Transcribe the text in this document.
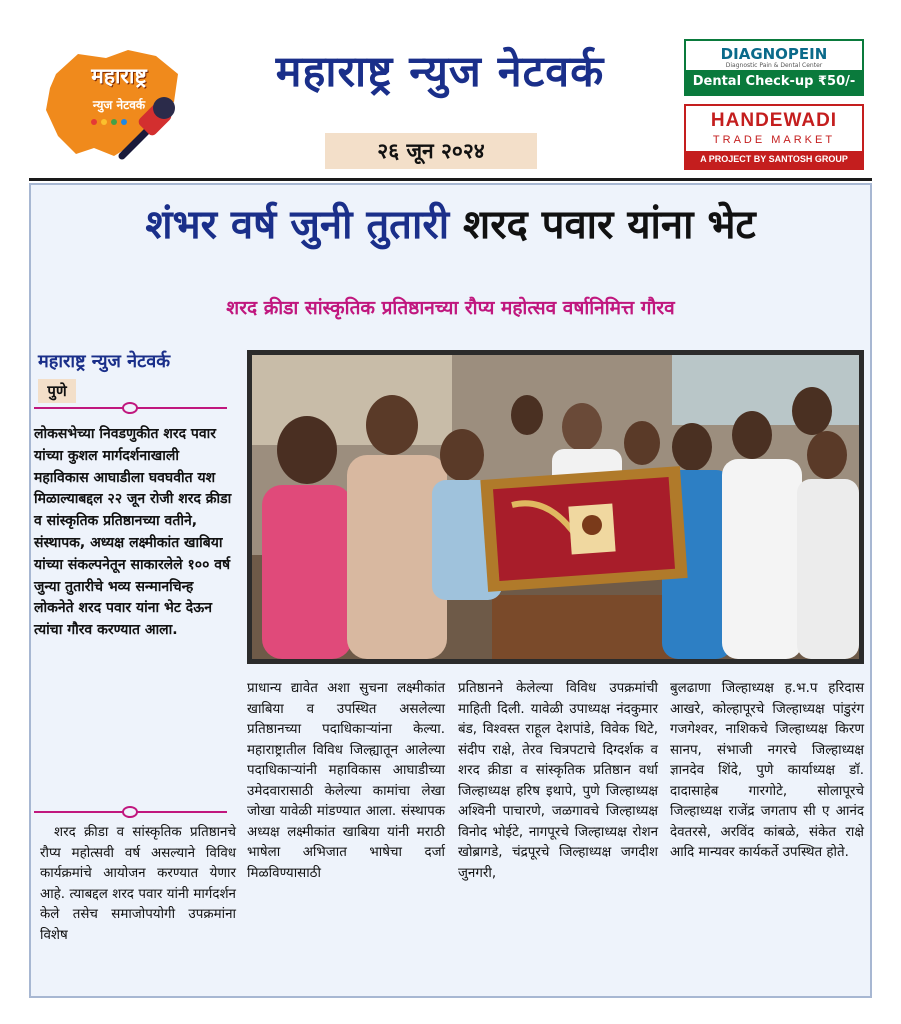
महाराष्ट्र
न्युज नेटवर्क
महाराष्ट्र न्युज नेटवर्क
२६ जून २०२४
DIAGNOPEIN
Diagnostic Pain & Dental Center
Dental Check-up ₹50/-
HANDEWADI
TRADE MARKET
A PROJECT BY SANTOSH GROUP
शंभर वर्ष जुनी तुतारी शरद पवार यांना भेट
शरद क्रीडा सांस्कृतिक प्रतिष्ठानच्या रौप्य महोत्सव वर्षानिमित्त गौरव
महाराष्ट्र न्युज नेटवर्क
पुणे
लोकसभेच्या निवडणुकीत शरद पवार यांच्या कुशल मार्गदर्शनाखाली महाविकास आघाडीला घवघवीत यश मिळाल्याबद्दल २२ जून रोजी शरद क्रीडा व सांस्कृतिक प्रतिष्ठानच्या वतीने, संस्थापक, अध्यक्ष लक्ष्मीकांत खाबिया यांच्या संकल्पनेतून साकारलेले १०० वर्ष जुन्या तुतारीचे भव्य सन्मानचिन्ह लोकनेते शरद पवार यांना भेट देऊन त्यांचा गौरव करण्यात आला.
शरद क्रीडा व सांस्कृतिक प्रतिष्ठानचे रौप्य महोत्सवी वर्ष असल्याने विविध कार्यक्रमांचे आयोजन करण्यात येणार आहे. त्याबद्दल शरद पवार यांनी मार्गदर्शन केले तसेच समाजोपयोगी उपक्रमांना विशेष
प्राधान्य द्यावेत अशा सुचना लक्ष्मीकांत खाबिया व उपस्थित असलेल्या प्रतिष्ठानच्या पदाधिकाऱ्यांना केल्या. महाराष्ट्रातील विविध जिल्ह्यातून आलेल्या पदाधिकाऱ्यांनी महाविकास आघाडीच्या उमेदवारासाठी केलेल्या कामांचा लेखा जोखा यावेळी मांडण्यात आला. संस्थापक अध्यक्ष लक्ष्मीकांत खाबिया यांनी मराठी भाषेला अभिजात भाषेचा दर्जा मिळविण्यासाठी
प्रतिष्ठानने केलेल्या विविध उपक्रमांची माहिती दिली. यावेळी उपाध्यक्ष नंदकुमार बंड, विश्वस्त राहूल देशपांडे, विवेक थिटे, संदीप राक्षे, तेरव चित्रपटाचे दिग्दर्शक व शरद क्रीडा व सांस्कृतिक प्रतिष्ठान वर्धा जिल्हाध्यक्ष हरिष इथापे, पुणे जिल्हाध्यक्ष अश्विनी पाचारणे, जळगावचे जिल्हाध्यक्ष विनोद भोईटे, नागपूरचे जिल्हाध्यक्ष रोशन खोब्रागडे, चंद्रपूरचे जिल्हाध्यक्ष जगदीश जुनगरी,
बुलढाणा जिल्हाध्यक्ष ह.भ.प हरिदास आखरे, कोल्हापूरचे जिल्हाध्यक्ष पांडुरंग गजगेश्वर, नाशिकचे जिल्हाध्यक्ष किरण सानप, संभाजी नगरचे जिल्हाध्यक्ष ज्ञानदेव शिंदे, पुणे कार्याध्यक्ष डॉ. दादासाहेब गारगोटे, सोलापूरचे जिल्हाध्यक्ष राजेंद्र जगताप सी ए आनंद देवतरसे, अरविंद कांबळे, संकेत राक्षे आदि मान्यवर कार्यकर्ते उपस्थित होते.
